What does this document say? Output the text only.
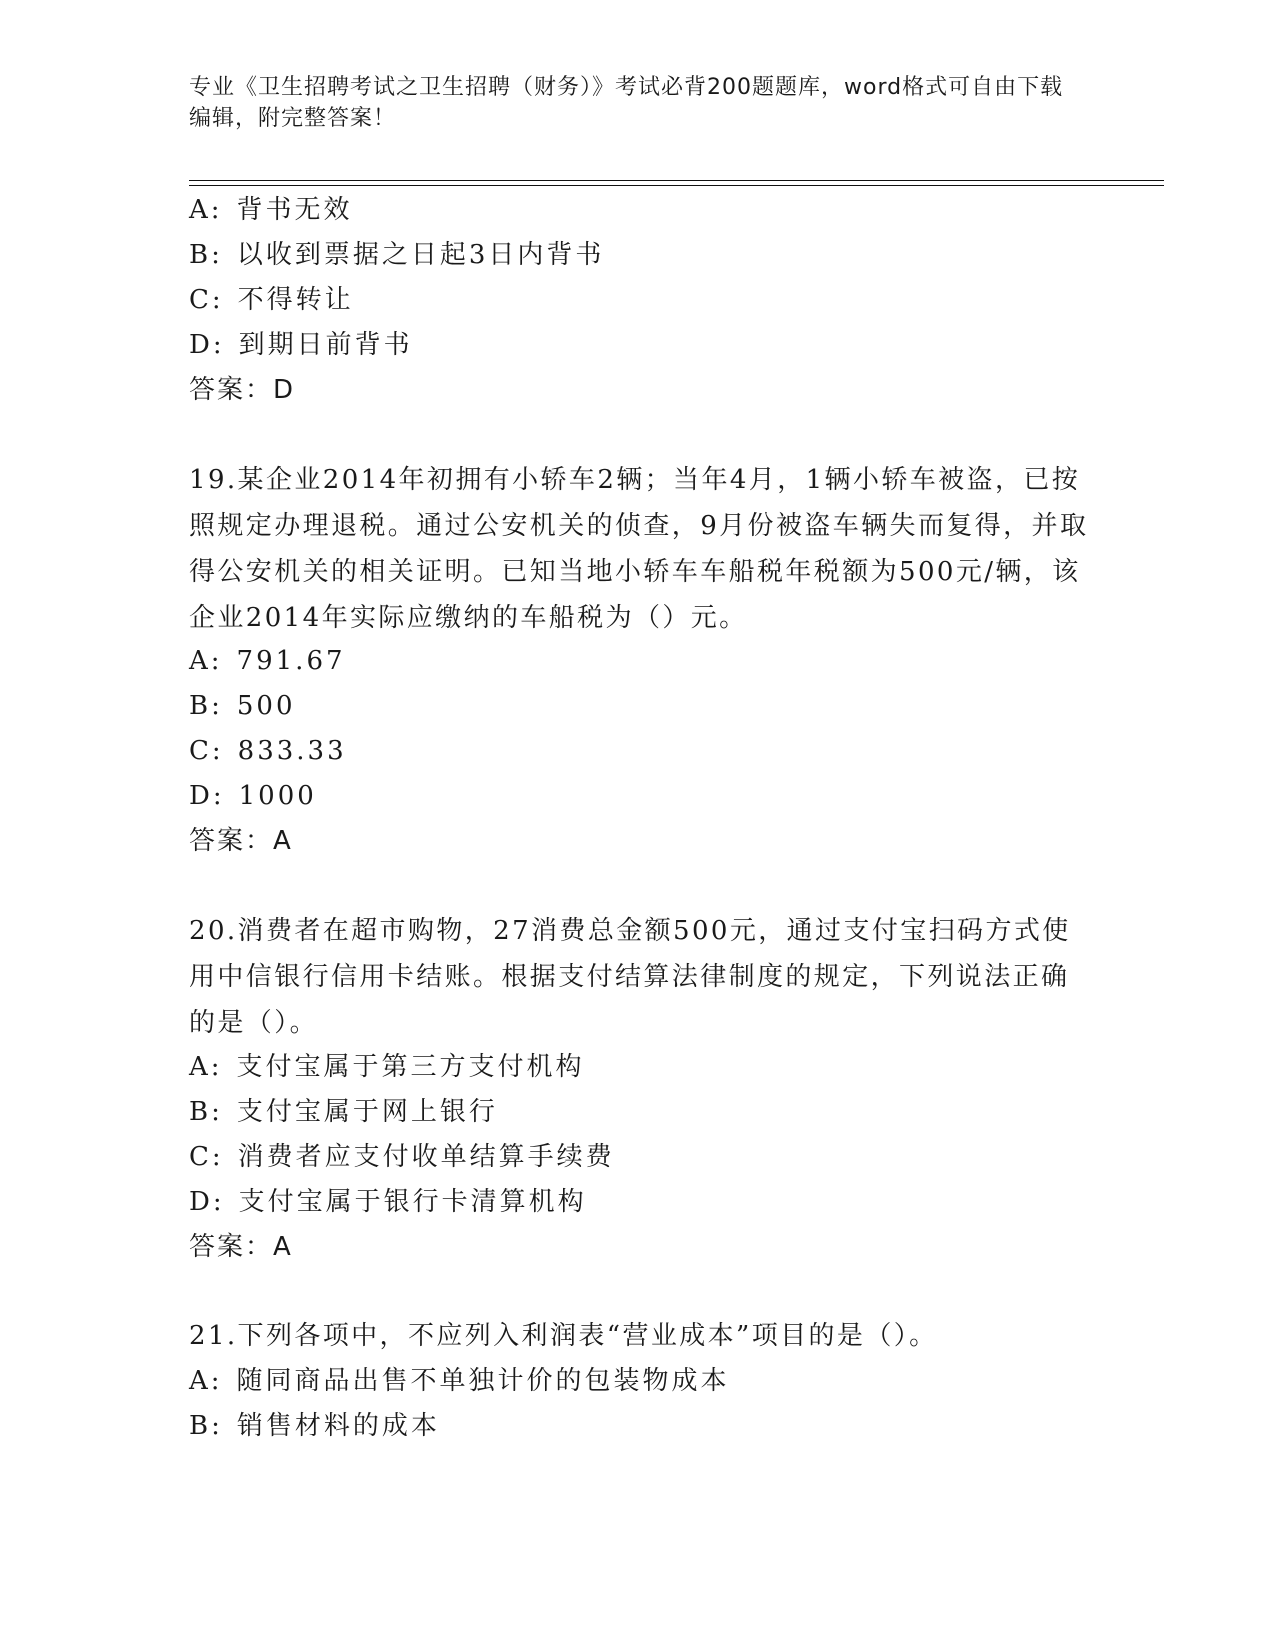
专业《卫生招聘考试之卫生招聘（财务）》考试必背200题题库，word格式可自由下载编辑，附完整答案！
A: 背书无效
B: 以收到票据之日起3日内背书
C: 不得转让
D: 到期日前背书
答案：D
19.某企业2014年初拥有小轿车2辆；当年4月，1辆小轿车被盗，已按照规定办理退税。通过公安机关的侦查，9月份被盗车辆失而复得，并取得公安机关的相关证明。已知当地小轿车车船税年税额为500元/辆，该企业2014年实际应缴纳的车船税为（）元。
A: 791.67
B: 500
C: 833.33
D: 1000
答案：A
20.消费者在超市购物，27消费总金额500元，通过支付宝扫码方式使用中信银行信用卡结账。根据支付结算法律制度的规定，下列说法正确的是（）。
A: 支付宝属于第三方支付机构
B: 支付宝属于网上银行
C: 消费者应支付收单结算手续费
D: 支付宝属于银行卡清算机构
答案：A
21.下列各项中，不应列入利润表“营业成本”项目的是（）。
A: 随同商品出售不单独计价的包装物成本
B: 销售材料的成本
